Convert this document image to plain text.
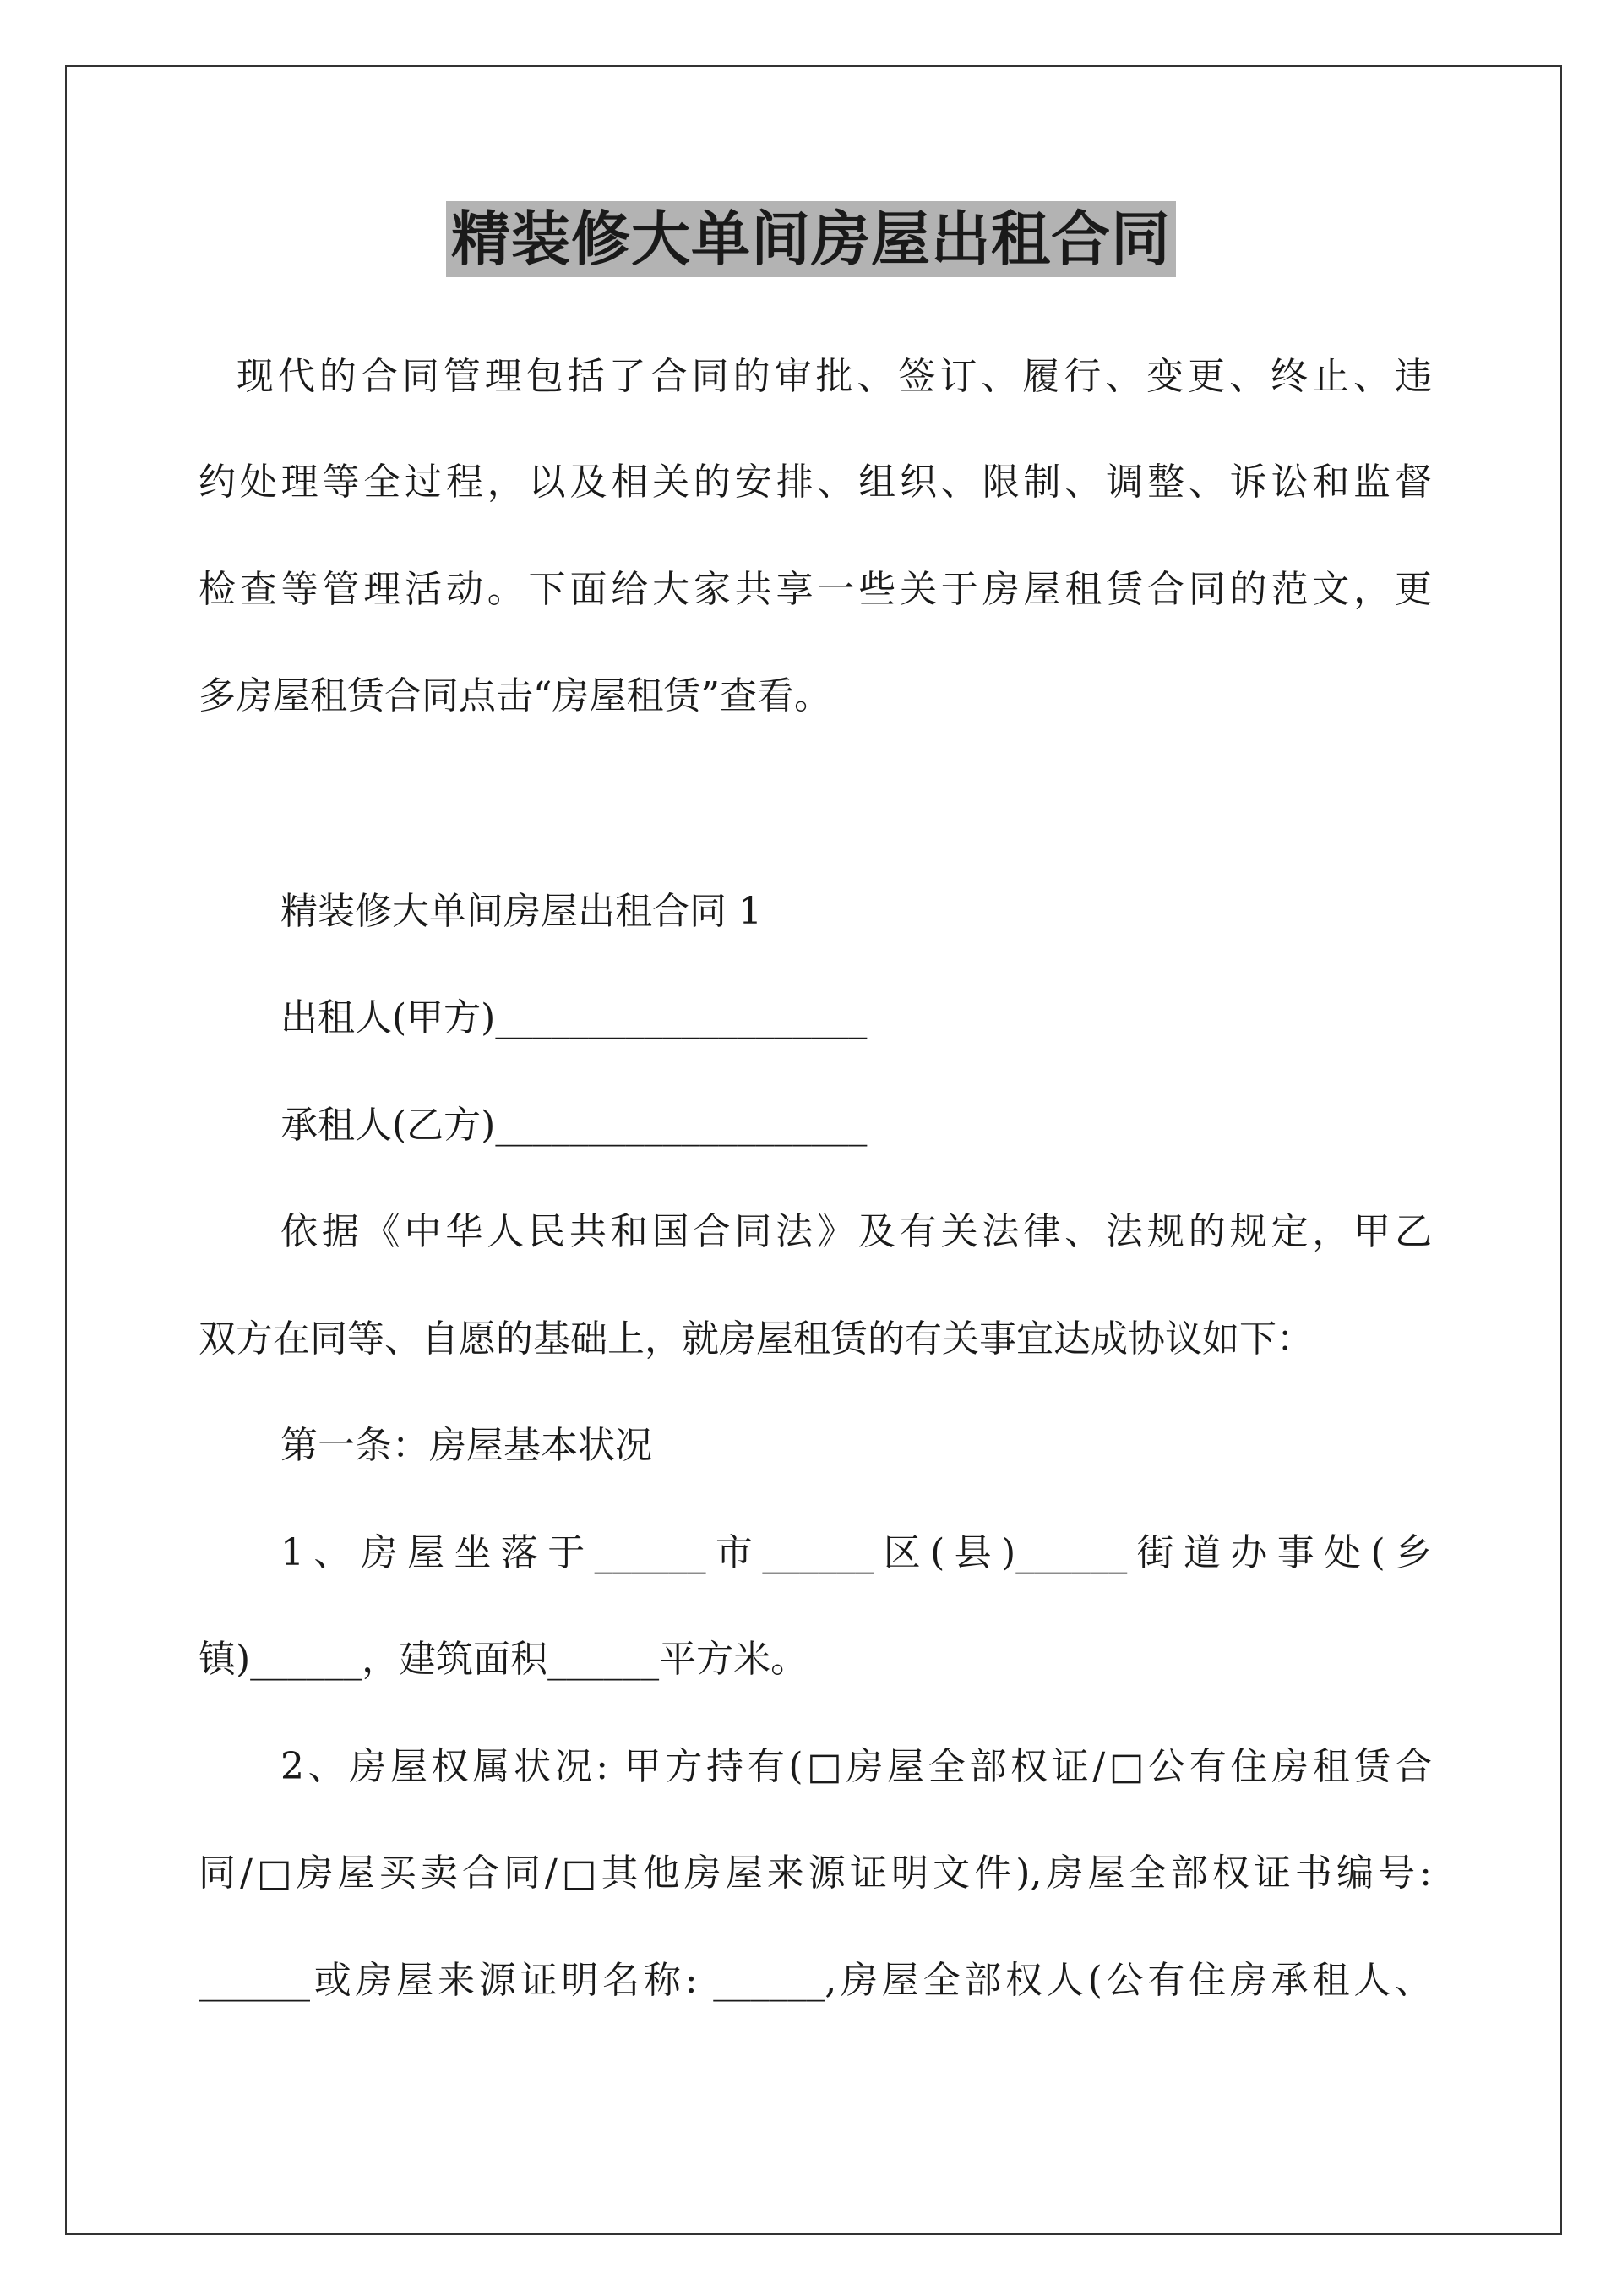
精装修大单间房屋出租合同
现代的合同管理包括了合同的审批、签订、履行、变更、终止、违
约处理等全过程，以及相关的安排、组织、限制、调整、诉讼和监督
检查等管理活动。下面给大家共享一些关于房屋租赁合同的范文，更
多房屋租赁合同点击“房屋租赁”查看。
精装修大单间房屋出租合同 1
出租人(甲方)____________________
承租人(乙方)____________________
依据《中华人民共和国合同法》及有关法律、法规的规定，甲乙
双方在同等、自愿的基础上，就房屋租赁的有关事宜达成协议如下：
第一条：房屋基本状况
1、房屋坐落于______市______区(县)______街道办事处(乡
镇)______，建筑面积______平方米。
2、房屋权属状况: 甲方持有(□房屋全部权证/□公有住房租赁合
同/□房屋买卖合同/□其他房屋来源证明文件),房屋全部权证书编号:
______或房屋来源证明名称: ______,房屋全部权人(公有住房承租人、
